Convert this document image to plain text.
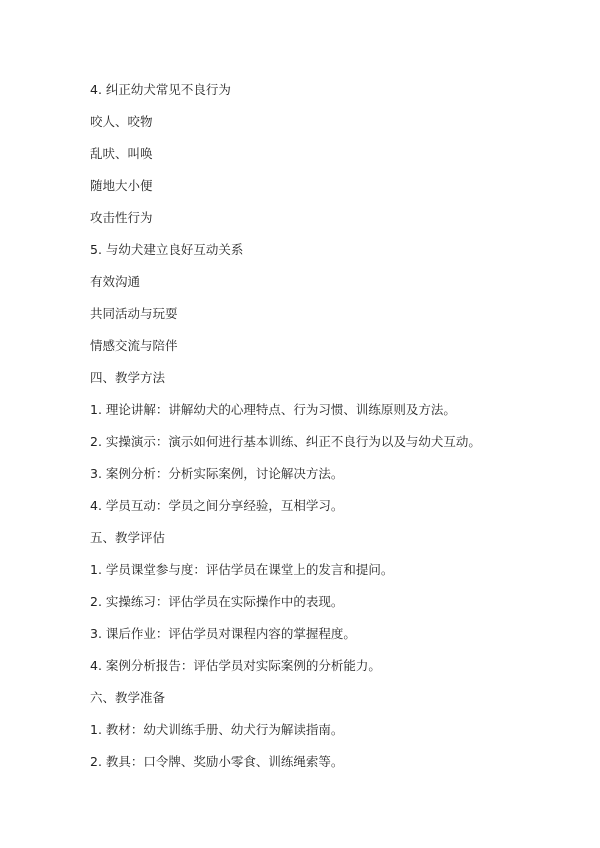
4. 纠正幼犬常见不良行为
咬人、咬物
乱吠、叫唤
随地大小便
攻击性行为
5. 与幼犬建立良好互动关系
有效沟通
共同活动与玩耍
情感交流与陪伴
四、教学方法
1. 理论讲解：讲解幼犬的心理特点、行为习惯、训练原则及方法。
2. 实操演示：演示如何进行基本训练、纠正不良行为以及与幼犬互动。
3. 案例分析：分析实际案例，讨论解决方法。
4. 学员互动：学员之间分享经验，互相学习。
五、教学评估
1. 学员课堂参与度：评估学员在课堂上的发言和提问。
2. 实操练习：评估学员在实际操作中的表现。
3. 课后作业：评估学员对课程内容的掌握程度。
4. 案例分析报告：评估学员对实际案例的分析能力。
六、教学准备
1. 教材：幼犬训练手册、幼犬行为解读指南。
2. 教具：口令牌、奖励小零食、训练绳索等。
